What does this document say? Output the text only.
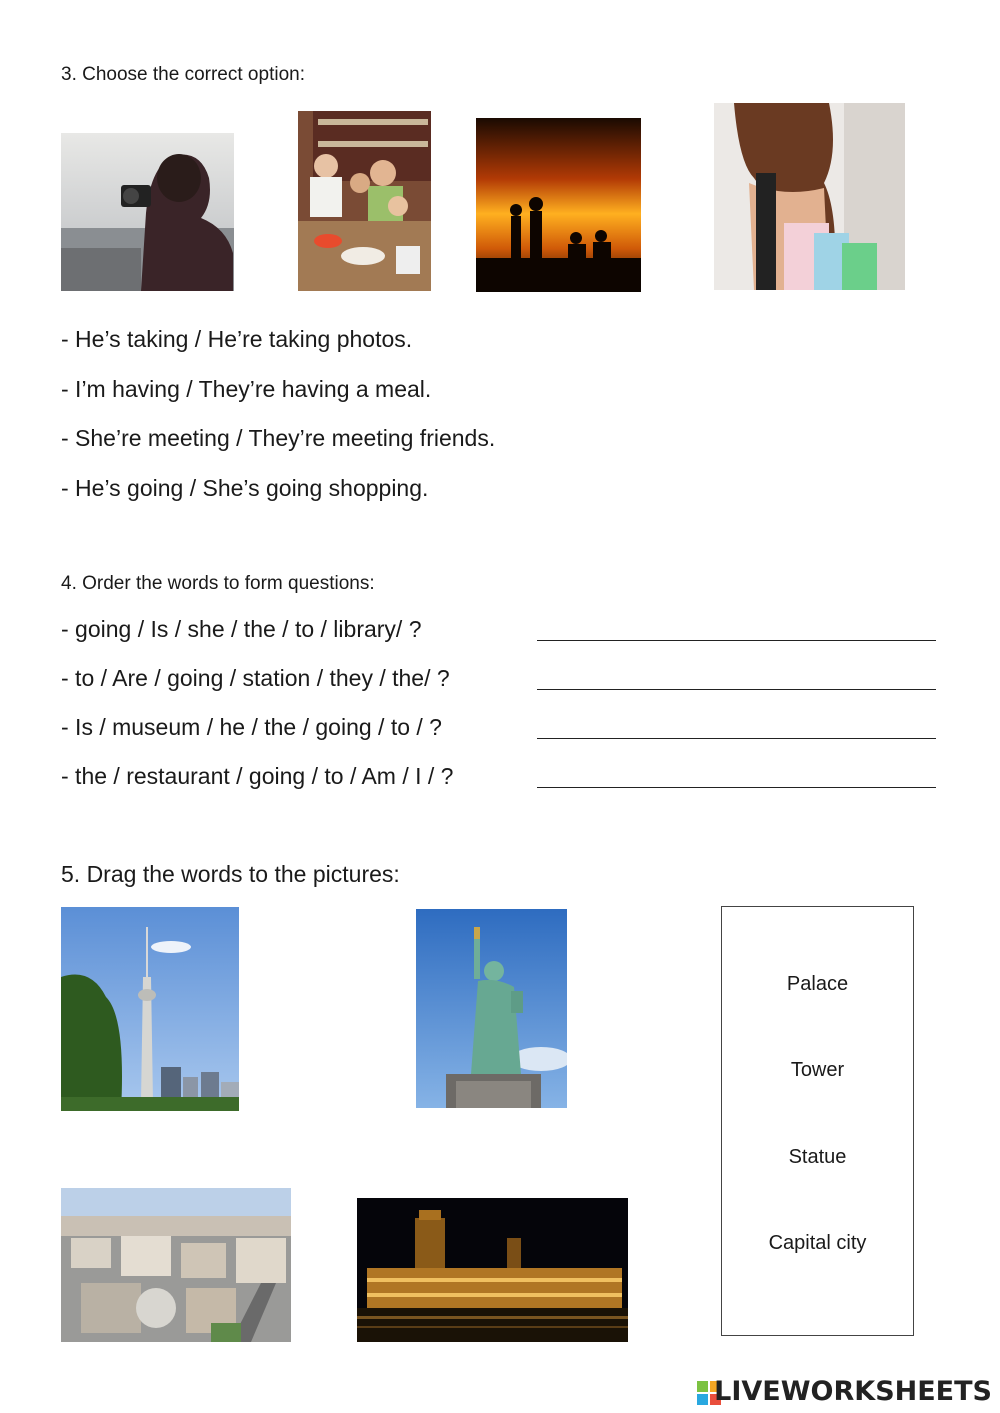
3. Choose the correct option:
- He’s taking / He’re taking photos.
- I’m having / They’re having a meal.
- She’re meeting / They’re meeting friends.
- He’s going / She’s going shopping.
4. Order the words to form questions:
- going / Is / she / the / to / library/ ?
- to / Are / going / station / they / the/ ?
- Is / museum / he / the / going / to / ?
- the / restaurant / going / to / Am / I / ?
5. Drag the words to the pictures:
Palace
Tower
Statue
Capital city
LIVEWORKSHEETS
